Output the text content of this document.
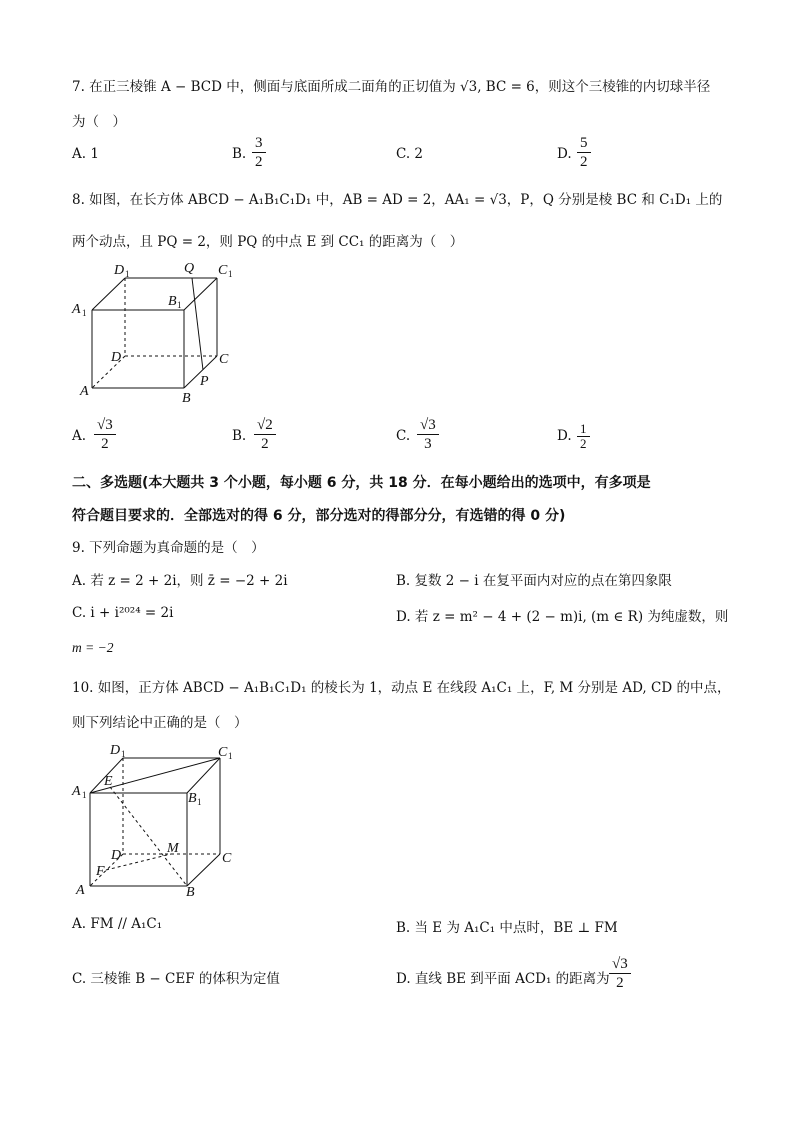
7. 在正三棱锥 A − BCD 中，侧面与底面所成二面角的正切值为 √3, BC = 6，则这个三棱锥的内切球半径
为（　）
A. 1	B. $\frac{3}{2}$	C. 2	D. $\frac{5}{2}$
8. 如图，在长方体 ABCD − A₁B₁C₁D₁ 中，AB = AD = 2，AA₁ = √3，P，Q 分别是棱 BC 和 C₁D₁ 上的
两个动点，且 PQ = 2，则 PQ 的中点 E 到 CC₁ 的距离为（　）
D 1	Q C 1
A 1
B 1
D	C
P
A	B
A. $\frac{√3}{2}$	B. $\frac{√2}{2}$	C. $\frac{√3}{3}$	D. $\frac{1}{2}$
二、多选题(本大题共 3 个小题，每小题 6 分，共 18 分．在每小题给出的选项中，有多项是
符合题目要求的．全部选对的得 6 分，部分选对的得部分分，有选错的得 0 分)
9. 下列命题为真命题的是（　）
A. 若 z = 2 + 2i，则 z̄ = −2 + 2i	B. 复数 2 − i 在复平面内对应的点在第四象限
C. i + i²⁰²⁴ = 2i	D. 若 z = m² − 4 + (2 − m)i, (m ∈ R) 为纯虚数，则
m = −2
10. 如图，正方体 ABCD − A₁B₁C₁D₁ 的棱长为 1，动点 E 在线段 A₁C₁ 上，F, M 分别是 AD, CD 的中点，
则下列结论中正确的是（　）
D 1	C 1
E
A 1	B 1
D	M
C
F
A	B
A. FM // A₁C₁	B. 当 E 为 A₁C₁ 中点时，BE ⊥ FM
C. 三棱锥 B − CEF 的体积为定值	D. 直线 BE 到平面 ACD₁ 的距离为 $\frac{√3}{2}$
